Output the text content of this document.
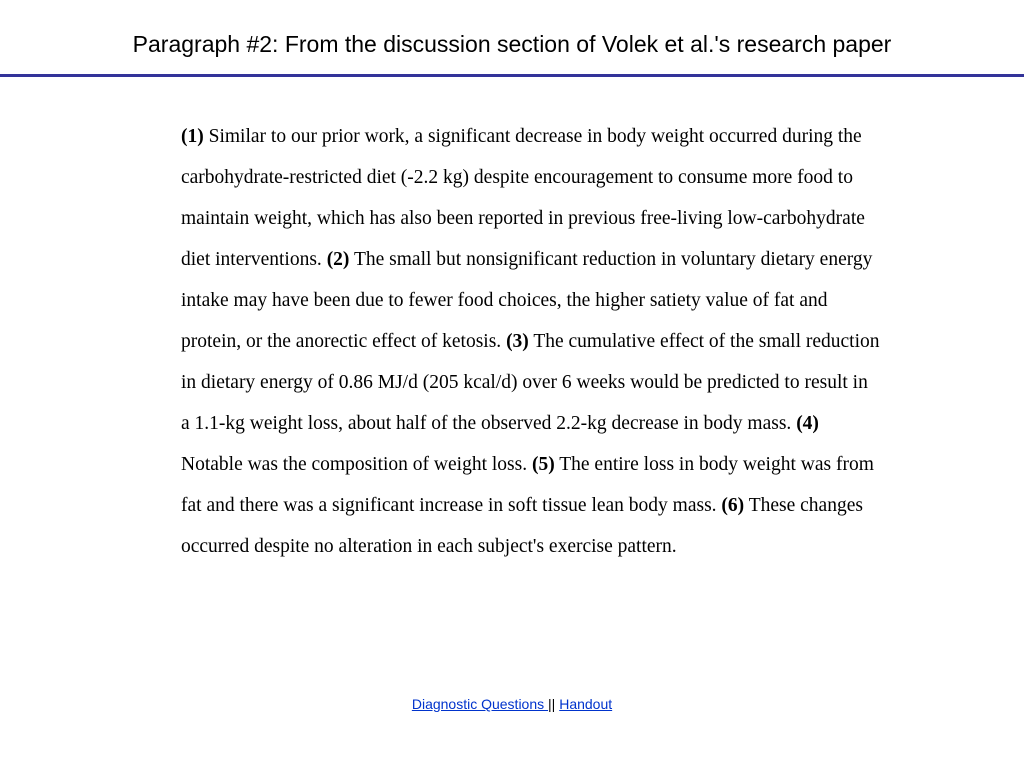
Paragraph #2: From the discussion section of Volek et al.'s research paper
(1) Similar to our prior work, a significant decrease in body weight occurred during the carbohydrate-restricted diet (-2.2 kg) despite encouragement to consume more food to maintain weight, which has also been reported in previous free-living low-carbohydrate diet interventions. (2) The small but nonsignificant reduction in voluntary dietary energy intake may have been due to fewer food choices, the higher satiety value of fat and protein, or the anorectic effect of ketosis. (3) The cumulative effect of the small reduction in dietary energy of 0.86 MJ/d (205 kcal/d) over 6 weeks would be predicted to result in a 1.1-kg weight loss, about half of the observed 2.2-kg decrease in body mass. (4) Notable was the composition of weight loss. (5) The entire loss in body weight was from fat and there was a significant increase in soft tissue lean body mass. (6) These changes occurred despite no alteration in each subject's exercise pattern.
Diagnostic Questions || Handout
